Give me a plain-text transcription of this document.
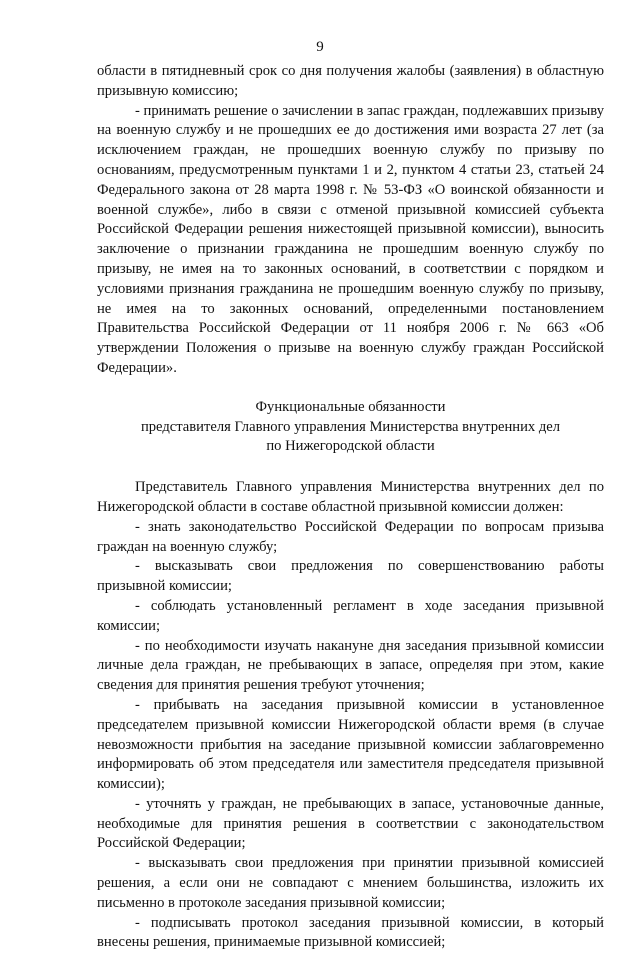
9

области в пятидневный срок со дня получения жалобы (заявления) в областную призывную комиссию;

- принимать решение о зачислении в запас граждан, подлежавших призыву на военную службу и не прошедших ее до достижения ими возраста 27 лет (за исключением граждан, не прошедших военную службу по призыву по основаниям, предусмотренным пунктами 1 и 2, пунктом 4 статьи 23, статьей 24 Федерального закона от 28 марта 1998 г. № 53-ФЗ «О воинской обязанности и военной службе», либо в связи с отменой призывной комиссией субъекта Российской Федерации решения нижестоящей призывной комиссии), выносить заключение о признании гражданина не прошедшим военную службу по призыву, не имея на то законных оснований, в соответствии с порядком и условиями признания гражданина не прошедшим военную службу по призыву, не имея на то законных оснований, определенными постановлением Правительства Российской Федерации от 11 ноября 2006 г. № 663 «Об утверждении Положения о призыве на военную службу граждан Российской Федерации».

Функциональные обязанности
представителя Главного управления Министерства внутренних дел
по Нижегородской области

Представитель Главного управления Министерства внутренних дел по Нижегородской области в составе областной призывной комиссии должен:

- знать законодательство Российской Федерации по вопросам призыва граждан на военную службу;

- высказывать свои предложения по совершенствованию работы призывной комиссии;

- соблюдать установленный регламент в ходе заседания призывной комиссии;

- по необходимости изучать накануне дня заседания призывной комиссии личные дела граждан, не пребывающих в запасе, определяя при этом, какие сведения для принятия решения требуют уточнения;

- прибывать на заседания призывной комиссии в установленное председателем призывной комиссии Нижегородской области время (в случае невозможности прибытия на заседание призывной комиссии заблаговременно информировать об этом председателя или заместителя председателя призывной комиссии);

- уточнять у граждан, не пребывающих в запасе, установочные данные, необходимые для принятия решения в соответствии с законодательством Российской Федерации;

- высказывать свои предложения при принятии призывной комиссией решения, а если они не совпадают с мнением большинства, изложить их письменно в протоколе заседания призывной комиссии;

- подписывать протокол заседания призывной комиссии, в который внесены решения, принимаемые призывной комиссией;
